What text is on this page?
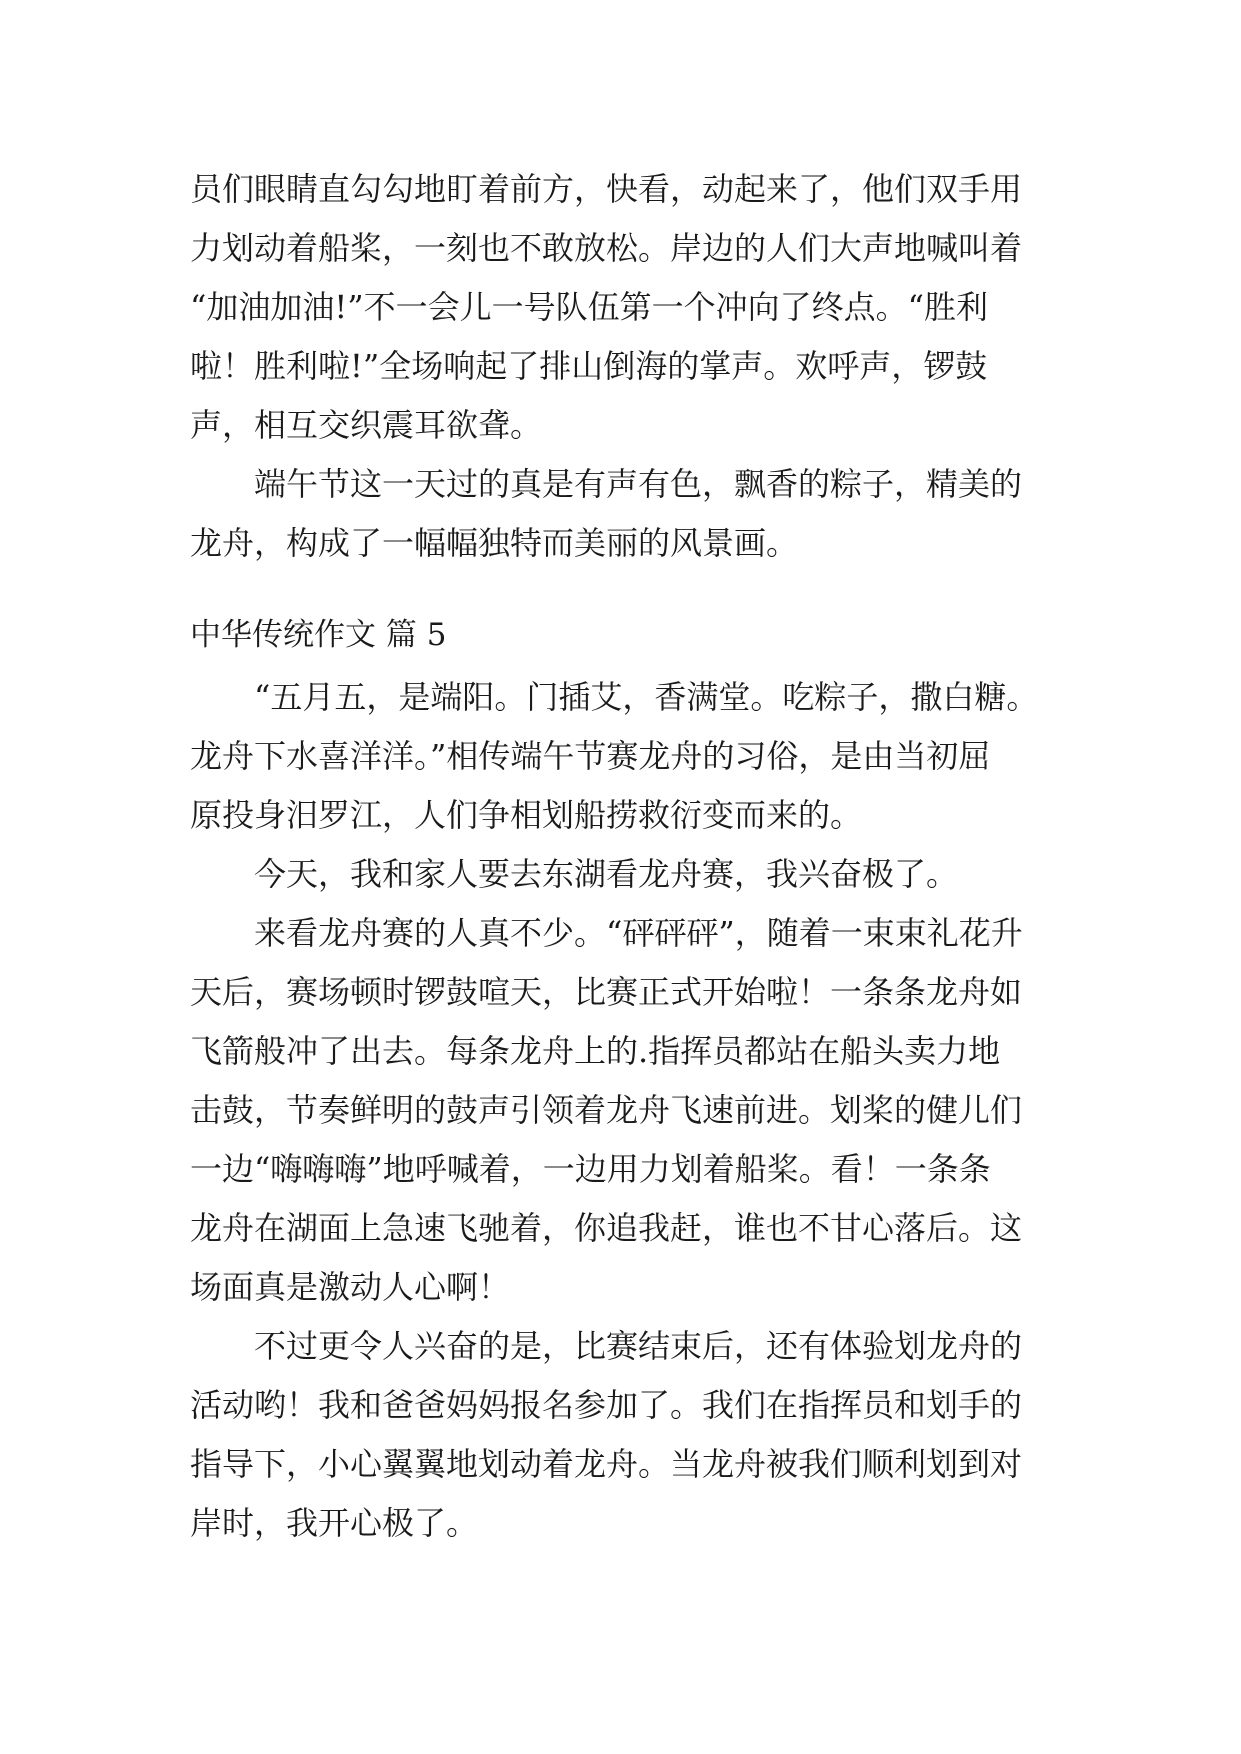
员们眼睛直勾勾地盯着前方，快看，动起来了，他们双手用
力划动着船桨，一刻也不敢放松。岸边的人们大声地喊叫着
“加油加油!”不一会儿一号队伍第一个冲向了终点。“胜利
啦！胜利啦!”全场响起了排山倒海的掌声。欢呼声，锣鼓
声，相互交织震耳欲聋。
端午节这一天过的真是有声有色，飘香的粽子，精美的
龙舟，构成了一幅幅独特而美丽的风景画。
中华传统作文 篇 5
“五月五，是端阳。门插艾，香满堂。吃粽子，撒白糖。
龙舟下水喜洋洋。”相传端午节赛龙舟的习俗，是由当初屈
原投身汨罗江，人们争相划船捞救衍变而来的。
今天，我和家人要去东湖看龙舟赛，我兴奋极了。
来看龙舟赛的人真不少。“砰砰砰”，随着一束束礼花升
天后，赛场顿时锣鼓喧天，比赛正式开始啦！一条条龙舟如
飞箭般冲了出去。每条龙舟上的.指挥员都站在船头卖力地
击鼓，节奏鲜明的鼓声引领着龙舟飞速前进。划桨的健儿们
一边“嗨嗨嗨”地呼喊着，一边用力划着船桨。看！一条条
龙舟在湖面上急速飞驰着，你追我赶，谁也不甘心落后。这
场面真是激动人心啊！
不过更令人兴奋的是，比赛结束后，还有体验划龙舟的
活动哟！我和爸爸妈妈报名参加了。我们在指挥员和划手的
指导下，小心翼翼地划动着龙舟。当龙舟被我们顺利划到对
岸时，我开心极了。
